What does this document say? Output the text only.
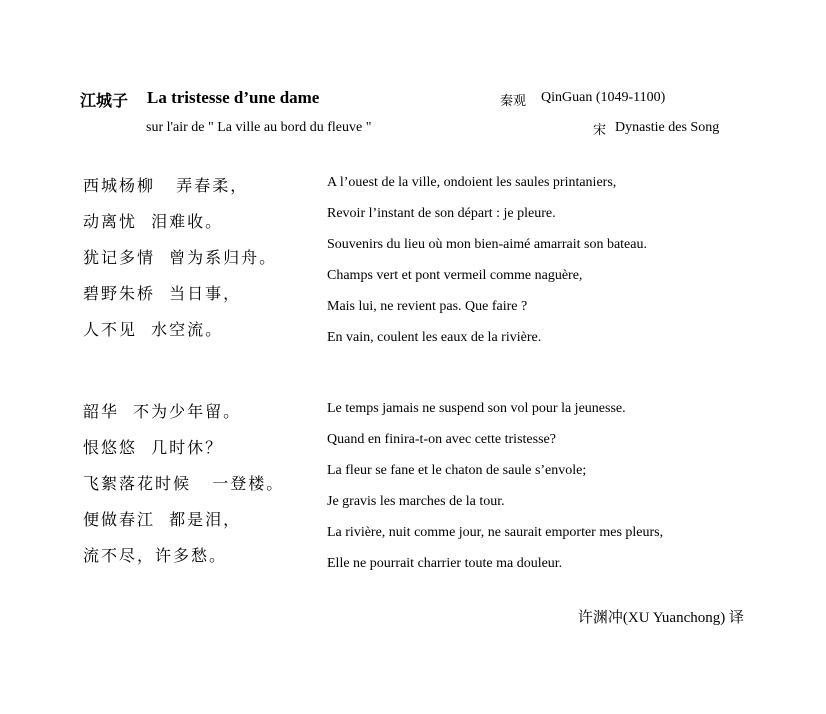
江城子 La tristesse d’une dame
sur l'air de " La ville au bord du fleuve "
秦观 QinGuan (1049-1100)
宋 Dynastie des Song
西城杨柳   弄春柔，
动离忧  泪难收。
犹记多情  曾为系归舟。
碧野朱桥  当日事，
人不见  水空流。
A l’ouest de la ville, ondoient les saules printaniers,
Revoir l’instant de son départ : je pleure.
Souvenirs du lieu où mon bien-aimé amarrait son bateau.
Champs vert et pont vermeil comme naguère,
Mais lui, ne revient pas. Que faire ?
En vain, coulent les eaux de la rivière.
韶华  不为少年留。
恨悠悠  几时休？
飞絮落花时候   一登楼。
便做春江  都是泪，
流不尽，许多愁。
Le temps jamais ne suspend son vol pour la jeunesse.
Quand en finira-t-on avec cette tristesse?
La fleur se fane et le chaton de saule s’envole;
Je gravis les marches de la tour.
La rivière, nuit comme jour, ne saurait emporter mes pleurs,
Elle ne pourrait charrier toute ma douleur.
许渊冲(XU Yuanchong) 译
